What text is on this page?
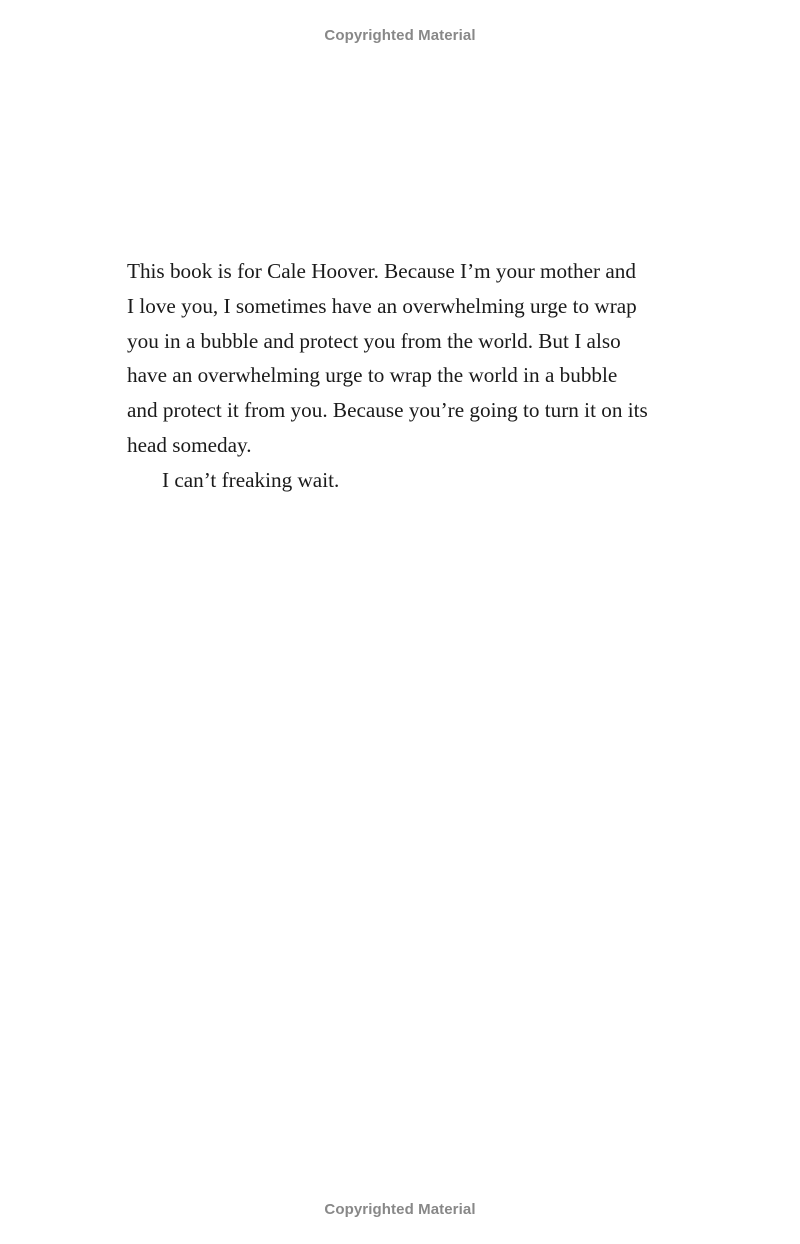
Copyrighted Material

This book is for Cale Hoover. Because I’m your mother and
I love you, I sometimes have an overwhelming urge to wrap
you in a bubble and protect you from the world. But I also
have an overwhelming urge to wrap the world in a bubble
and protect it from you. Because you’re going to turn it on its
head someday.

I can’t freaking wait.

Copyrighted Material
